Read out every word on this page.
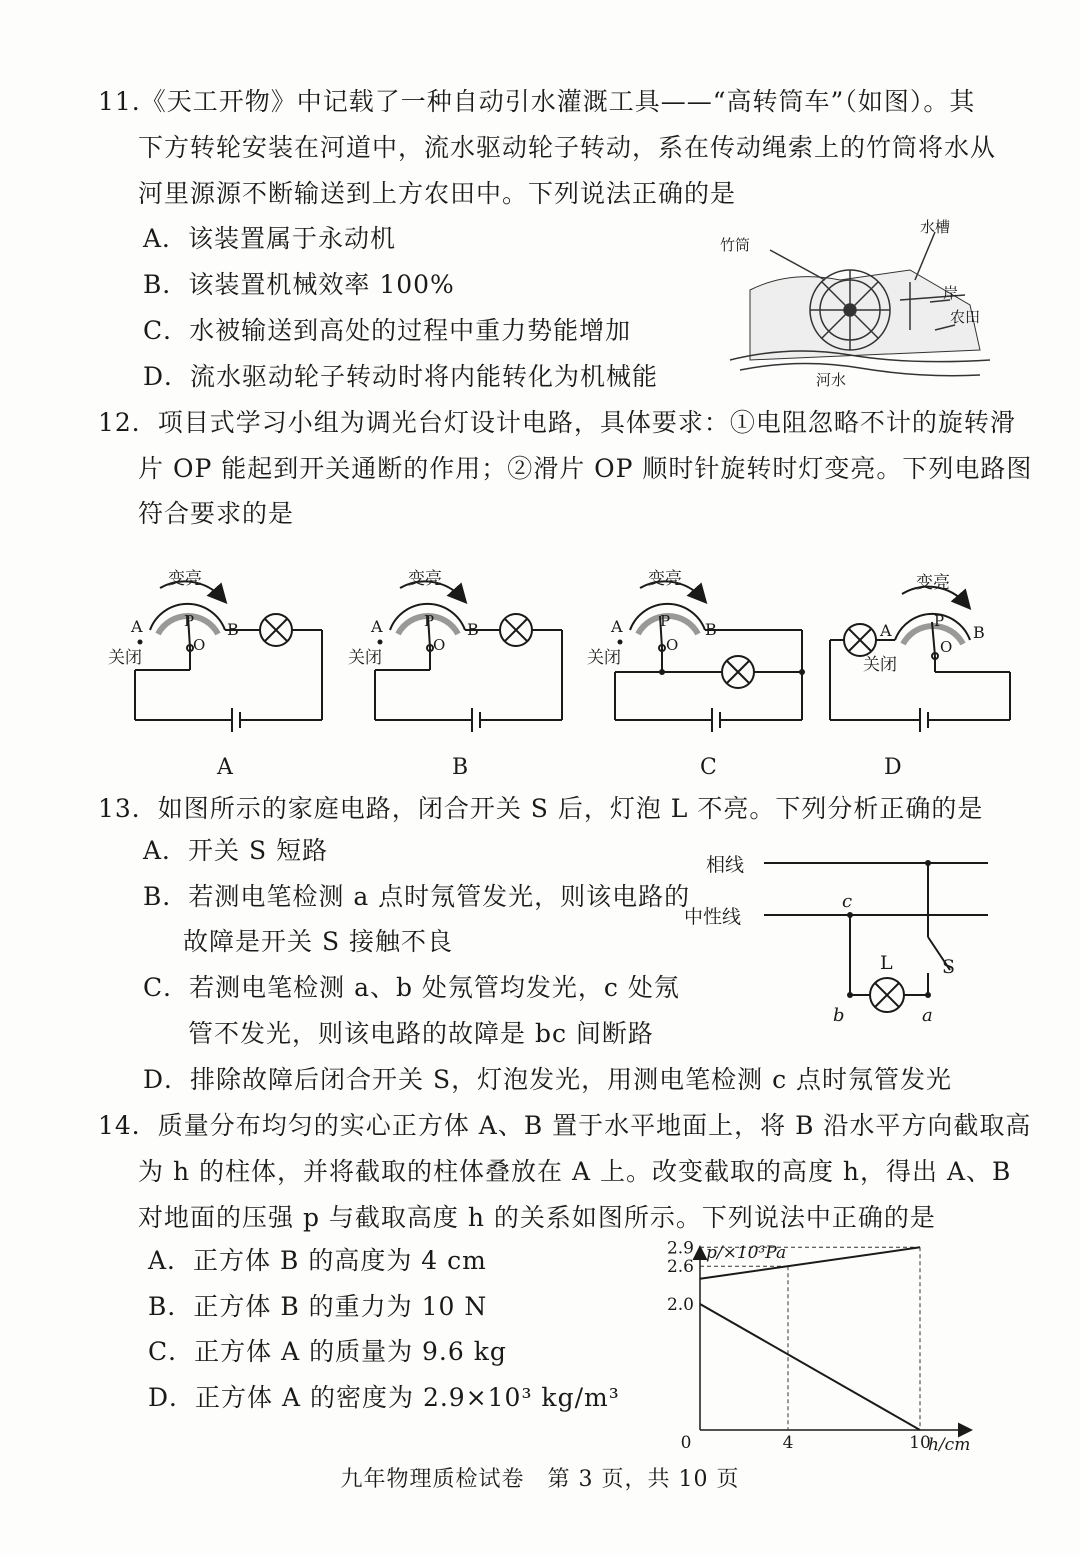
11.《天工开物》中记载了一种自动引水灌溉工具——“高转筒车”（如图）。其
下方转轮安装在河道中，流水驱动轮子转动，系在传动绳索上的竹筒将水从
河里源源不断输送到上方农田中。下列说法正确的是
A．该装置属于永动机
B．该装置机械效率 100%
C．水被输送到高处的过程中重力势能增加
D．流水驱动轮子转动时将内能转化为机械能
竹筒
水槽
岸
农田
河水
12．项目式学习小组为调光台灯设计电路，具体要求：①电阻忽略不计的旋转滑
片 OP 能起到开关通断的作用；②滑片 OP 顺时针旋转时灯变亮。下列电路图
符合要求的是
A	B
P
O
变亮
关闭
A
A	B
P
O
变亮
关闭
B
A	B
P
O
变亮
关闭
C
A	B
P
O
变亮
关闭
D
13．如图所示的家庭电路，闭合开关 S 后，灯泡 L 不亮。下列分析正确的是
A．开关 S 短路
B．若测电笔检测 a 点时氖管发光，则该电路的
故障是开关 S 接触不良
C．若测电笔检测 a、b 处氖管均发光，c 处氖
管不发光，则该电路的故障是 bc 间断路
D．排除故障后闭合开关 S，灯泡发光，用测电笔检测 c 点时氖管发光
相线
中性线
c
L	S
b	a
14．质量分布均匀的实心正方体 A、B 置于水平地面上，将 B 沿水平方向截取高
为 h 的柱体，并将截取的柱体叠放在 A 上。改变截取的高度 h，得出 A、B
对地面的压强 p 与截取高度 h 的关系如图所示。下列说法中正确的是
A．正方体 B 的高度为 4 cm
B．正方体 B 的重力为 10 N
C．正方体 A 的质量为 9.6 kg
D．正方体 A 的密度为 2.9×10³ kg/m³
2.0
2.6
2.9
0	4	10
p/×10³Pa
h/cm
九年物理质检试卷　第 3 页，共 10 页
